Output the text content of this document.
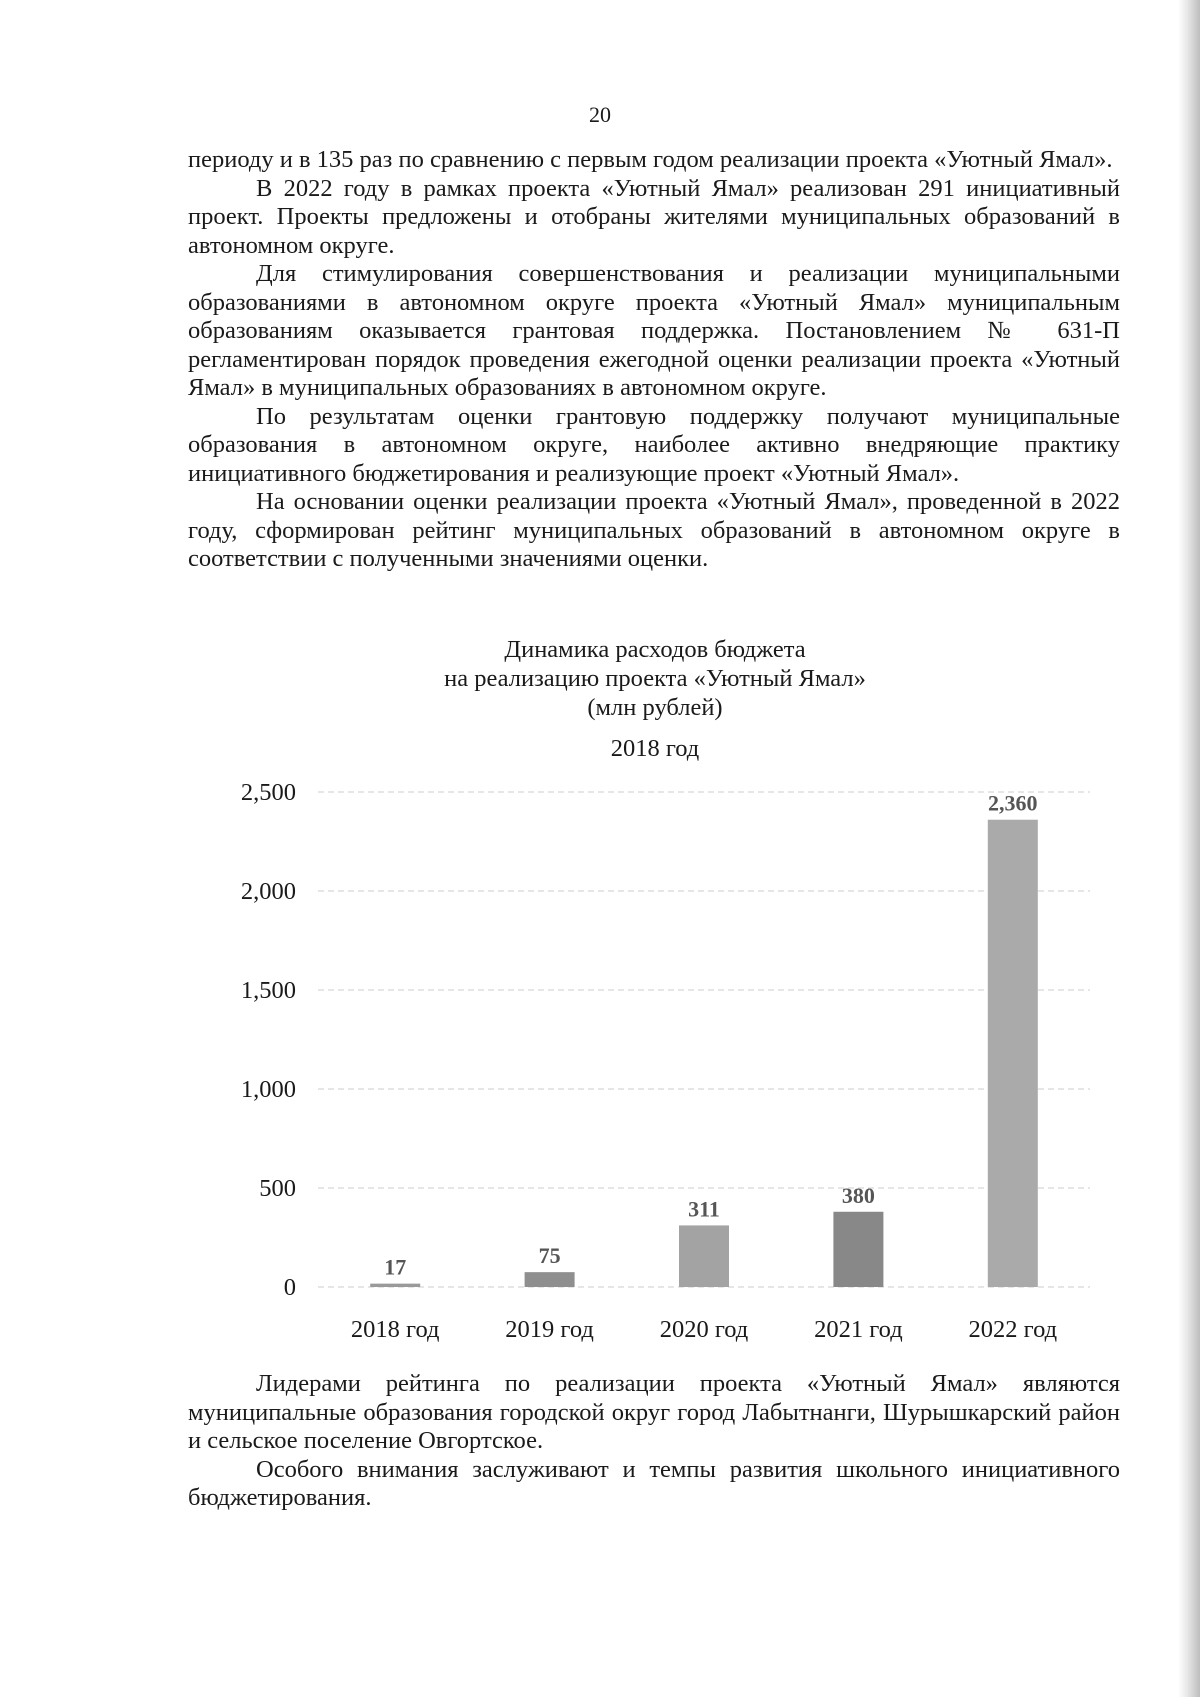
20

периоду и в 135 раз по сравнению с первым годом реализации проекта «Уютный Ямал».

В 2022 году в рамках проекта «Уютный Ямал» реализован 291 инициативный проект. Проекты предложены и отобраны жителями муниципальных образований в автономном округе.

Для стимулирования совершенствования и реализации муниципальными образованиями в автономном округе проекта «Уютный Ямал» муниципальным образованиям оказывается грантовая поддержка. Постановлением № 631-П регламентирован порядок проведения ежегодной оценки реализации проекта «Уютный Ямал» в муниципальных образованиях в автономном округе.

По результатам оценки грантовую поддержку получают муниципальные образования в автономном округе, наиболее активно внедряющие практику инициативного бюджетирования и реализующие проект «Уютный Ямал».

На основании оценки реализации проекта «Уютный Ямал», проведенной в 2022 году, сформирован рейтинг муниципальных образований в автономном округе в соответствии с полученными значениями оценки.

Динамика расходов бюджета
на реализацию проекта «Уютный Ямал»
(млн рублей)
2018 год
0
500
1,000
1,500
2,000
2,500
17
2018 год
75
2019 год
311
2020 год
380
2021 год
2,360
2022 год

Лидерами рейтинга по реализации проекта «Уютный Ямал» являются муниципальные образования городской округ город Лабытнанги, Шурышкарский район и сельское поселение Овгортское.

Особого внимания заслуживают и темпы развития школьного инициативного бюджетирования.
